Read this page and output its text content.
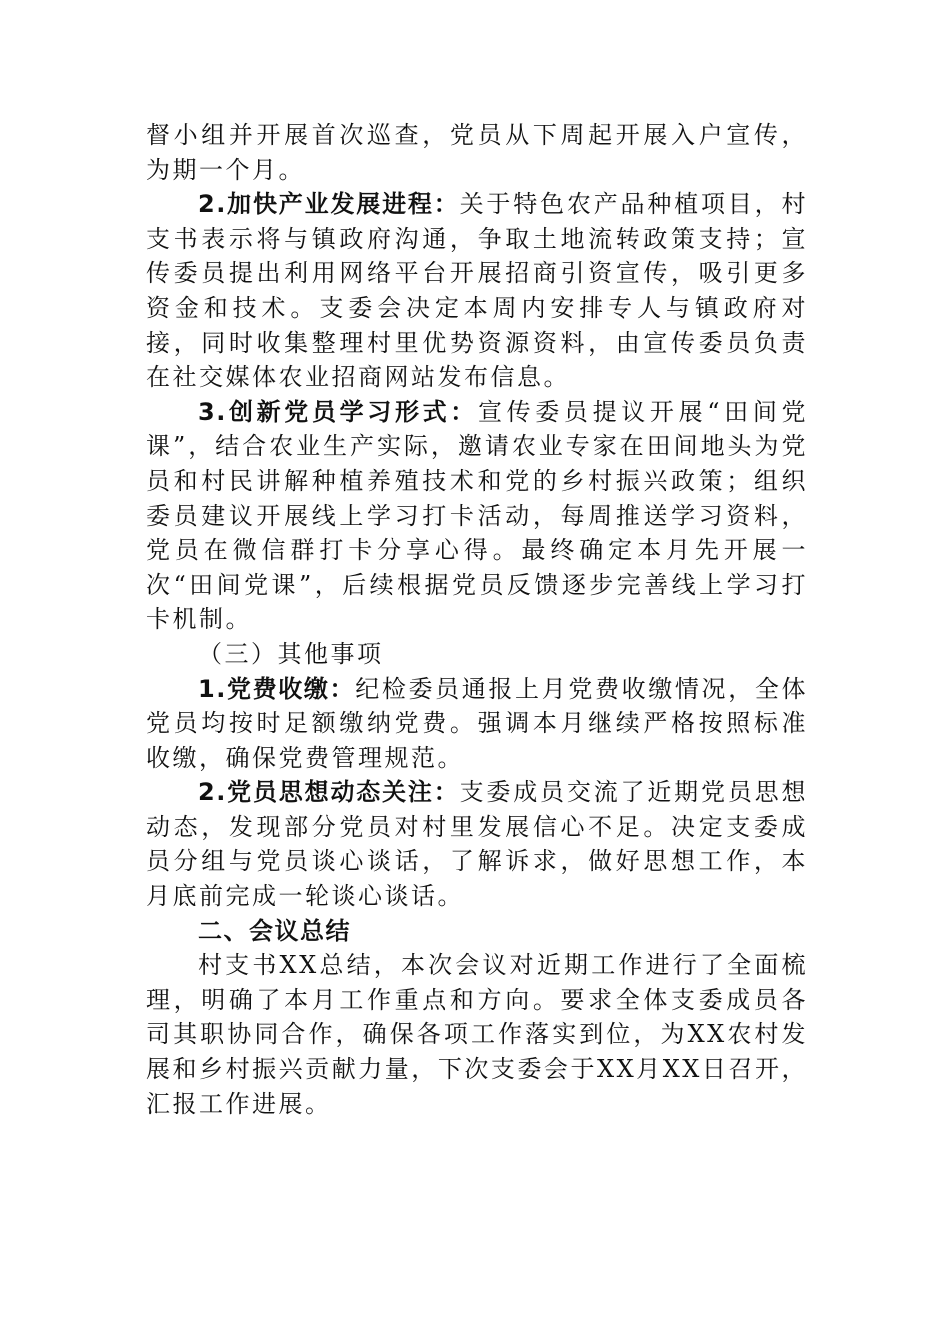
督小组并开展首次巡查，党员从下周起开展入户宣传，为期一个月。

2.加快产业发展进程：关于特色农产品种植项目，村支书表示将与镇政府沟通，争取土地流转政策支持；宣传委员提出利用网络平台开展招商引资宣传，吸引更多资金和技术。支委会决定本周内安排专人与镇政府对接，同时收集整理村里优势资源资料，由宣传委员负责在社交媒体农业招商网站发布信息。

3.创新党员学习形式：宣传委员提议开展“田间党课”，结合农业生产实际，邀请农业专家在田间地头为党员和村民讲解种植养殖技术和党的乡村振兴政策；组织委员建议开展线上学习打卡活动，每周推送学习资料，党员在微信群打卡分享心得。最终确定本月先开展一次“田间党课”，后续根据党员反馈逐步完善线上学习打卡机制。

（三）其他事项

1.党费收缴：纪检委员通报上月党费收缴情况，全体党员均按时足额缴纳党费。强调本月继续严格按照标准收缴，确保党费管理规范。

2.党员思想动态关注：支委成员交流了近期党员思想动态，发现部分党员对村里发展信心不足。决定支委成员分组与党员谈心谈话，了解诉求，做好思想工作，本月底前完成一轮谈心谈话。

二、会议总结

村支书XX总结，本次会议对近期工作进行了全面梳理，明确了本月工作重点和方向。要求全体支委成员各司其职协同合作，确保各项工作落实到位，为XX农村发展和乡村振兴贡献力量，下次支委会于XX月XX日召开，汇报工作进展。
